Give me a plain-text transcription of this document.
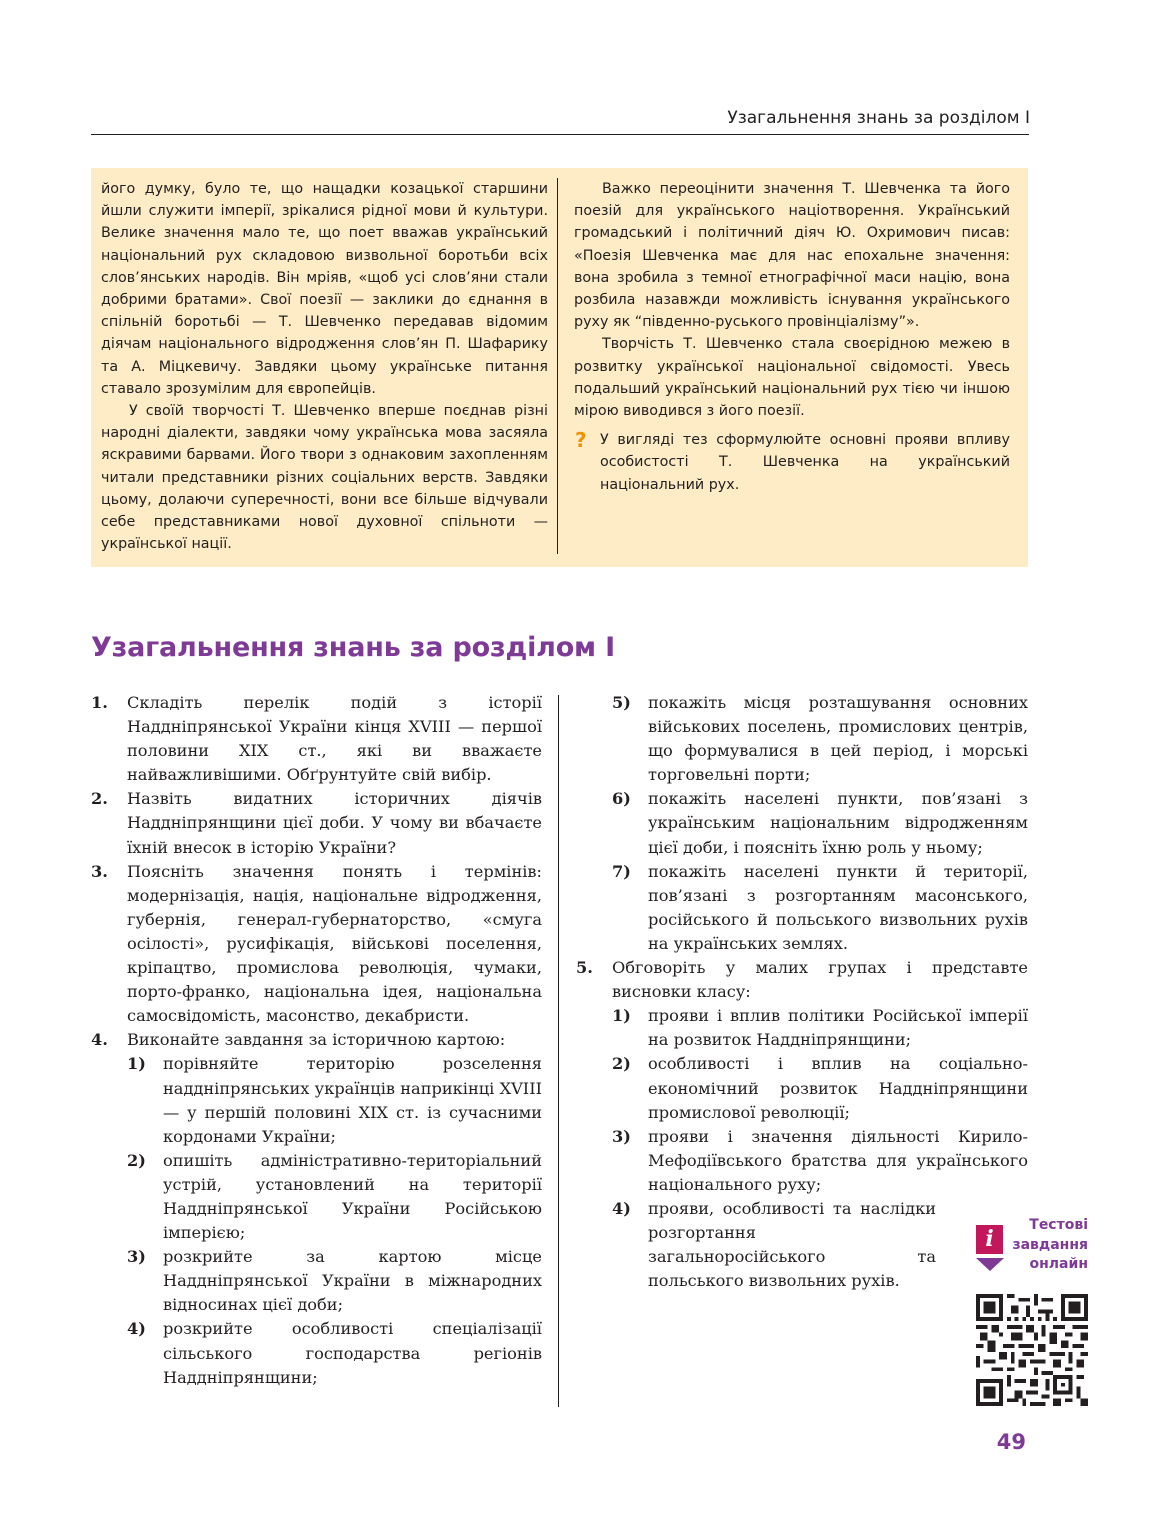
Узагальнення знань за розділом І

його думку, було те, що нащадки козацької старшини йшли служити імперії, зрікалися рідної мови й культури. Велике значення мало те, що поет вважав український національний рух складовою визвольної боротьби всіх слов’янських народів. Він мріяв, «щоб усі слов’яни стали добрими братами». Свої поезії — заклики до єднання в спільній боротьбі — Т. Шевченко передавав відомим діячам національного відродження слов’ян П. Шафарику та А. Міцкевичу. Завдяки цьому українське питання ставало зрозумілим для європейців.

У своїй творчості Т. Шевченко вперше поєднав різні народні діалекти, завдяки чому українська мова засяяла яскравими барвами. Його твори з однаковим захопленням читали представники різних соціальних верств. Завдяки цьому, долаючи суперечності, вони все більше відчували себе представниками нової духовної спільноти — української нації.

Важко переоцінити значення Т. Шевченка та його поезій для українського націотворення. Український громадський і політичний діяч Ю. Охримович писав: «Поезія Шевченка має для нас епохальне значення: вона зробила з темної етнографічної маси націю, вона розбила назавжди можливість існування українського руху як “південно-руського провінціалізму”».

Творчість Т. Шевченко стала своєрідною межею в розвитку української національної свідомості. Увесь подальший український національний рух тією чи іншою мірою виводився з його поезії.

? У вигляді тез сформулюйте основні прояви впливу особистості Т. Шевченка на український національний рух.

Узагальнення знань за розділом І
1. Складіть перелік подій з історії Наддніпрянської України кінця XVIII — першої половини XIX ст., які ви вважаєте найважливішими. Обґрунтуйте свій вибір.
2. Назвіть видатних історичних діячів Наддніпрянщини цієї доби. У чому ви вбачаєте їхній внесок в історію України?
3. Поясніть значення понять і термінів: модернізація, нація, національне відродження, губернія, генерал-губернаторство, «смуга осілості», русифікація, військові поселення, кріпацтво, промислова революція, чумаки, порто-франко, національна ідея, національна самосвідомість, масонство, декабристи.
4. Виконайте завдання за історичною картою:
1) порівняйте територію розселення наддніпрянських українців наприкінці XVIII — у першій половині XIX ст. із сучасними кордонами України;
2) опишіть адміністративно-територіальний устрій, установлений на території Наддніпрянської України Російською імперією;
3) розкрийте за картою місце Наддніпрянської України в міжнародних відносинах цієї доби;
4) розкрийте особливості спеціалізації сільського господарства регіонів Наддніпрянщини;
5) покажіть місця розташування основних військових поселень, промислових центрів, що формувалися в цей період, і морські торговельні порти;
6) покажіть населені пункти, пов’язані з українським національним відродженням цієї доби, і поясніть їхню роль у ньому;
7) покажіть населені пункти й території, пов’язані з розгортанням масонського, російського й польського визвольних рухів на українських землях.
5. Обговоріть у малих групах і представте висновки класу:
1) прояви і вплив політики Російської імперії на розвиток Наддніпрянщини;
2) особливості і вплив на соціально-економічний розвиток Наддніпрянщини промислової революції;
3) прояви і значення діяльності Кирило-Мефодіївського братства для українського національного руху;
4) прояви, особливості та наслідки розгортання загальноросійського та польського визвольних рухів.
i
Тестові
завдання
онлайн
49
